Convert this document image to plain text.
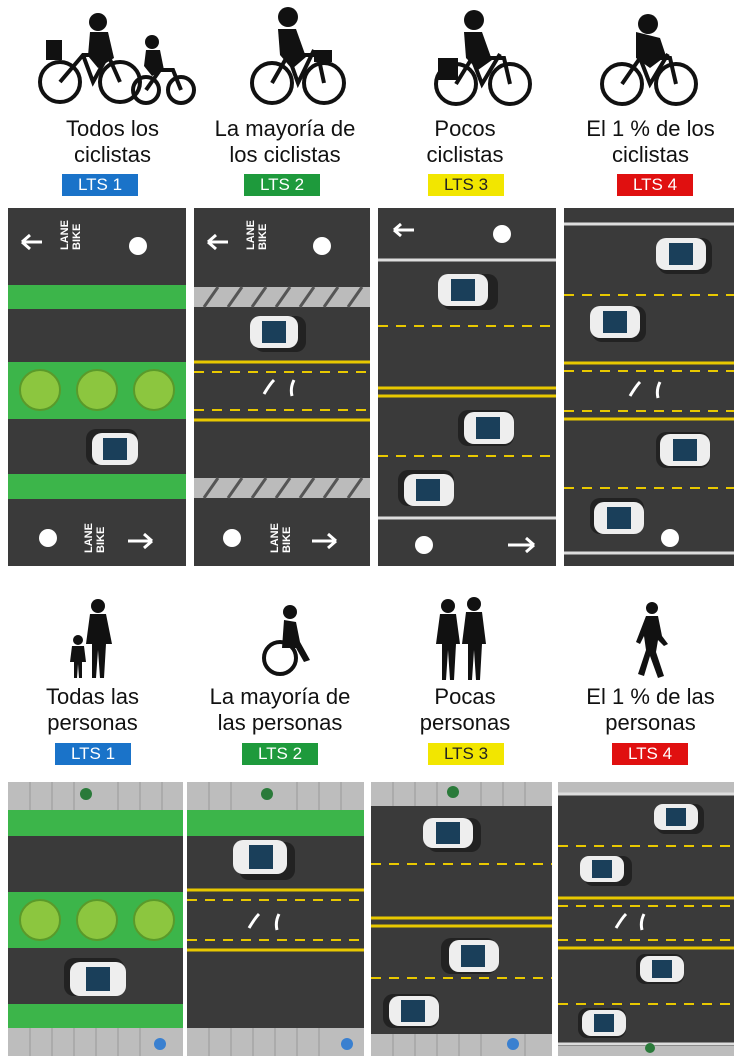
Todos los
ciclistas
La mayoría de
los ciclistas
Pocos
ciclistas
El 1 % de los
ciclistas
LTS 1	LTS 2	LTS 3	LTS 4
LANE BIKE
LANE BIKE
LANE BIKE
LANE BIKE
Todas las
personas
La mayoría de
las personas
Pocas
personas
El 1 % de las
personas
LTS 1	LTS 2	LTS 3	LTS 4
